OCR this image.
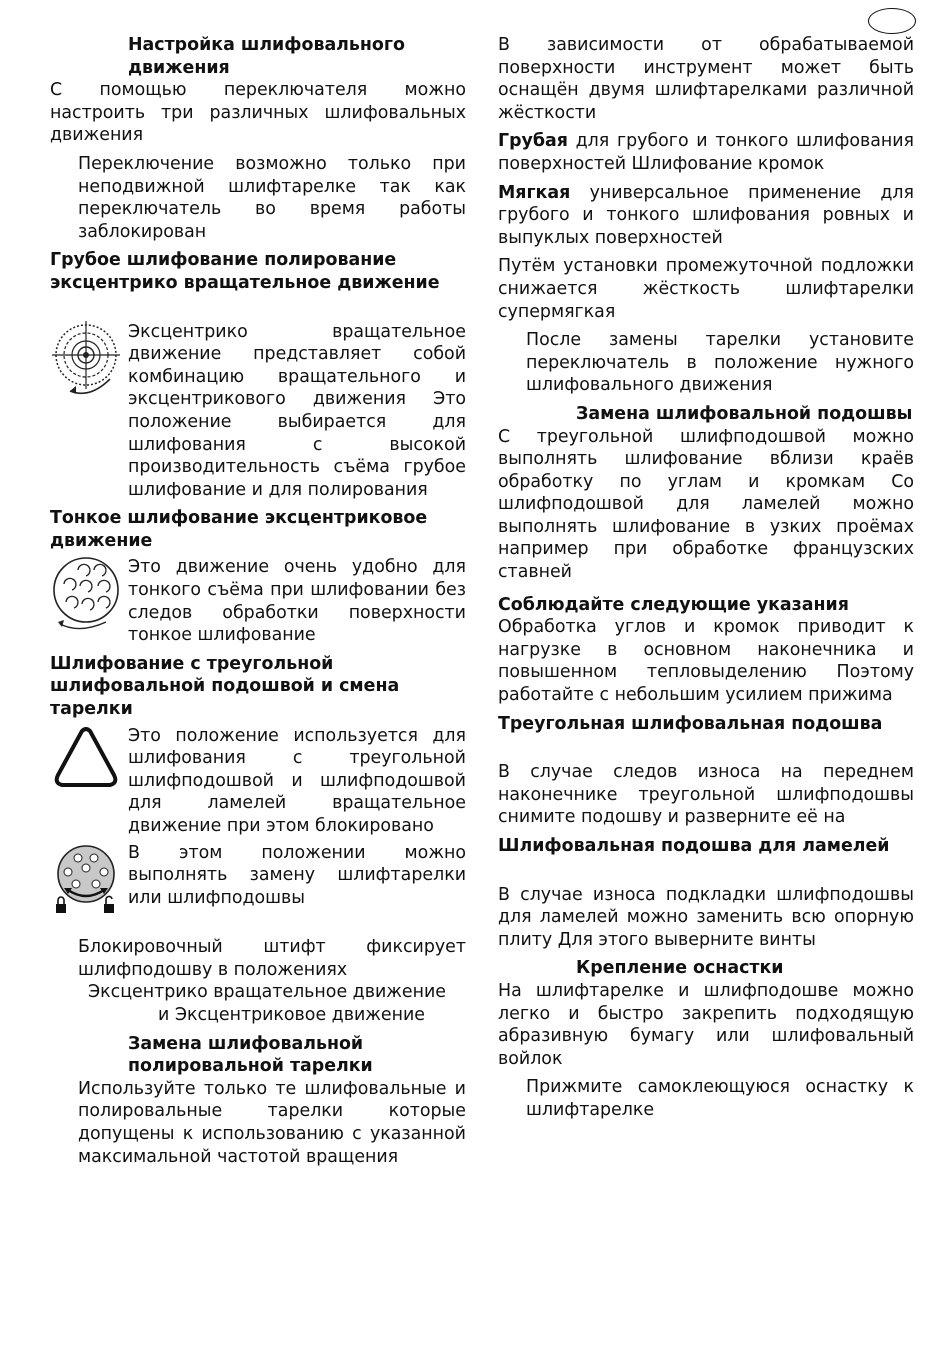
Настройка шлифовального движения

С помощью переключателя можно настроить три различных шлифовальных движения

Переключение возможно только при неподвижной шлифтарелке так как переключатель во время работы заблокирован

Грубое шлифование полирование эксцентрико вращательное движение

Эксцентрико вращательное движение представляет собой комбинацию вращательного и эксцентрикового движения Это положение выбирается для шлифования с высокой производительность съёма грубое шлифование и для полирования

Тонкое шлифование эксцентриковое движение

Это движение очень удобно для тонкого съёма при шлифовании без следов обработки поверхности тонкое шлифование

Шлифование с треугольной шлифовальной подошвой и смена тарелки

Это положение используется для шлифования с треугольной шлифподошвой и шлифподошвой для ламелей вращательное движение при этом блокировано

В этом положении можно выполнять замену шлифтарелки или шлифподошвы

Блокировочный штифт фиксирует шлифподошву в положениях

Эксцентрико вращательное движение

и Эксцентриковое движение

Замена шлифовальной полировальной тарелки

Используйте только те шлифовальные и полировальные тарелки которые допущены к использованию с указанной максимальной частотой вращения

В зависимости от обрабатываемой поверхности инструмент может быть оснащён двумя шлифтарелками различной жёсткости

Грубая для грубого и тонкого шлифования поверхностей Шлифование кромок

Мягкая универсальное применение для грубого и тонкого шлифования ровных и выпуклых поверхностей

Путём установки промежуточной подложки снижается жёсткость шлифтарелки супермягкая

После замены тарелки установите переключатель в положение нужного шлифовального движения

Замена шлифовальной подошвы

С треугольной шлифподошвой можно выполнять шлифование вблизи краёв обработку по углам и кромкам Со шлифподошвой для ламелей можно выполнять шлифование в узких проёмах например при обработке французских ставней

Соблюдайте следующие указания

Обработка углов и кромок приводит к нагрузке в основном наконечника и повышенном тепловыделению Поэтому работайте с небольшим усилием прижима

Треугольная шлифовальная подошва

В случае следов износа на переднем наконечнике треугольной шлифподошвы снимите подошву и разверните её на

Шлифовальная подошва для ламелей

В случае износа подкладки шлифподошвы для ламелей можно заменить всю опорную плиту Для этого выверните винты

Крепление оснастки

На шлифтарелке и шлифподошве можно легко и быстро закрепить подходящую абразивную бумагу или шлифовальный войлок

Прижмите самоклеющуюся оснастку к шлифтарелке
